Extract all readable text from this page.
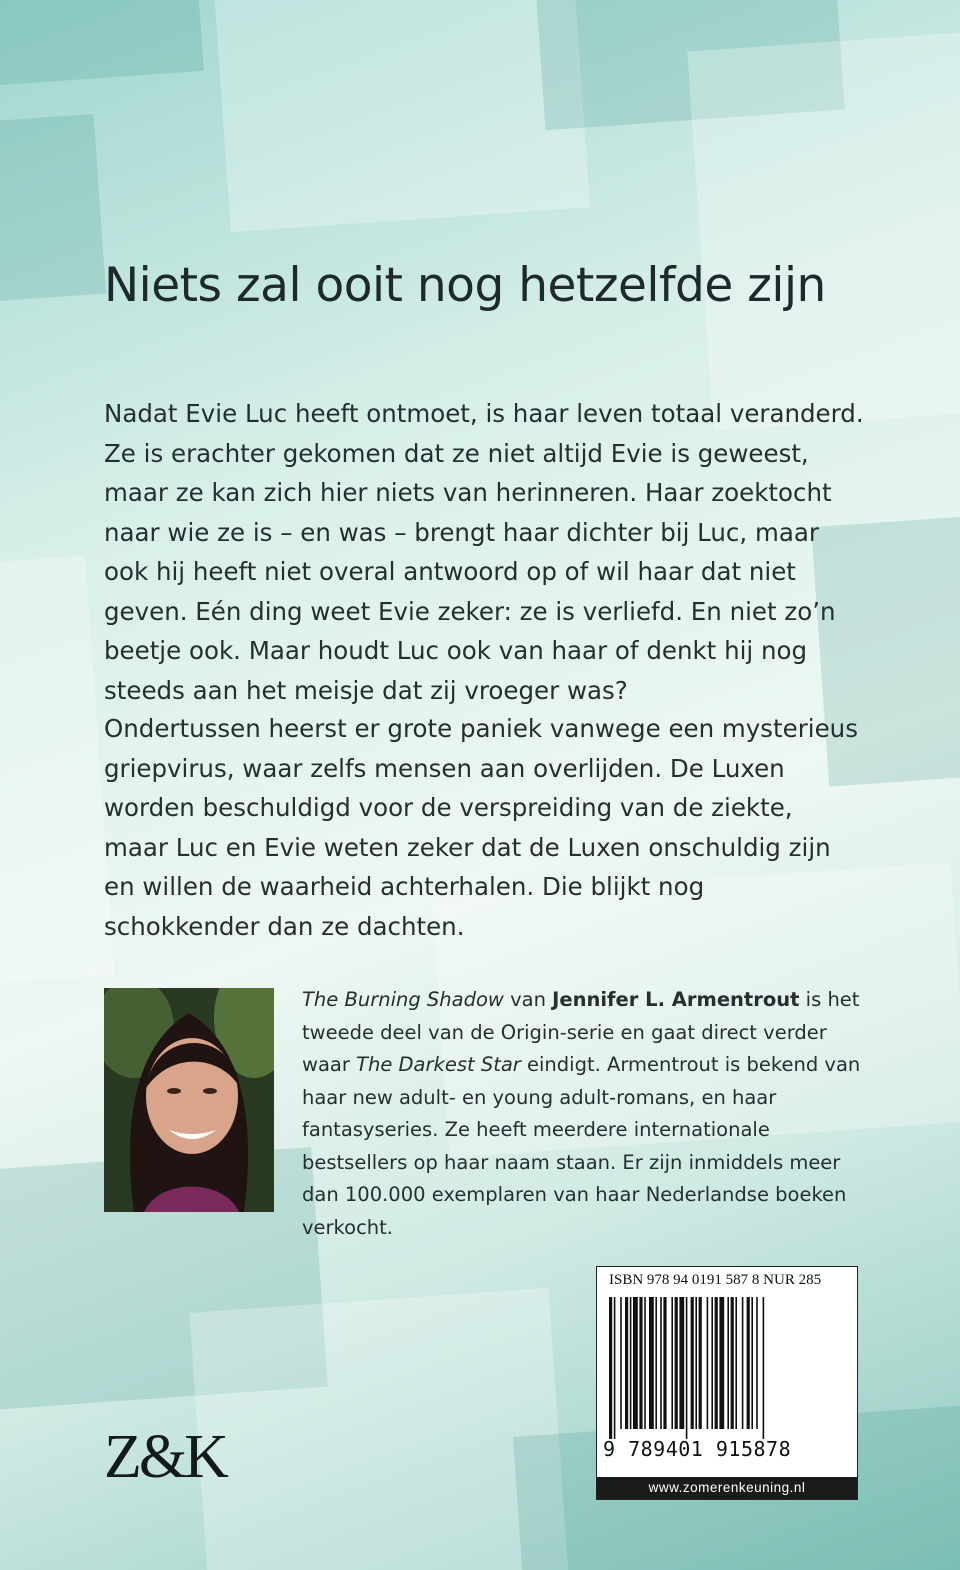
Niets zal ooit nog hetzelfde zijn

Nadat Evie Luc heeft ontmoet, is haar leven totaal veranderd. Ze is erachter gekomen dat ze niet altijd Evie is geweest, maar ze kan zich hier niets van herinneren. Haar zoektocht naar wie ze is – en was – brengt haar dichter bij Luc, maar ook hij heeft niet overal antwoord op of wil haar dat niet geven. Eén ding weet Evie zeker: ze is verliefd. En niet zo’n beetje ook. Maar houdt Luc ook van haar of denkt hij nog steeds aan het meisje dat zij vroeger was?

Ondertussen heerst er grote paniek vanwege een mysterieus griepvirus, waar zelfs mensen aan overlijden. De Luxen worden beschuldigd voor de verspreiding van de ziekte, maar Luc en Evie weten zeker dat de Luxen onschuldig zijn en willen de waarheid achterhalen. Die blijkt nog schokkender dan ze dachten.

The Burning Shadow van Jennifer L. Armentrout is het tweede deel van de Origin-serie en gaat direct verder waar The Darkest Star eindigt. Armentrout is bekend van haar new adult- en young adult-romans, en haar fantasyseries. Ze heeft meerdere internationale bestsellers op haar naam staan. Er zijn inmiddels meer dan 100.000 exemplaren van haar Nederlandse boeken verkocht.

ISBN 978 94 0191 587 8 NUR 285
9 789401 915878
www.zomerenkeuning.nl
Z&K
